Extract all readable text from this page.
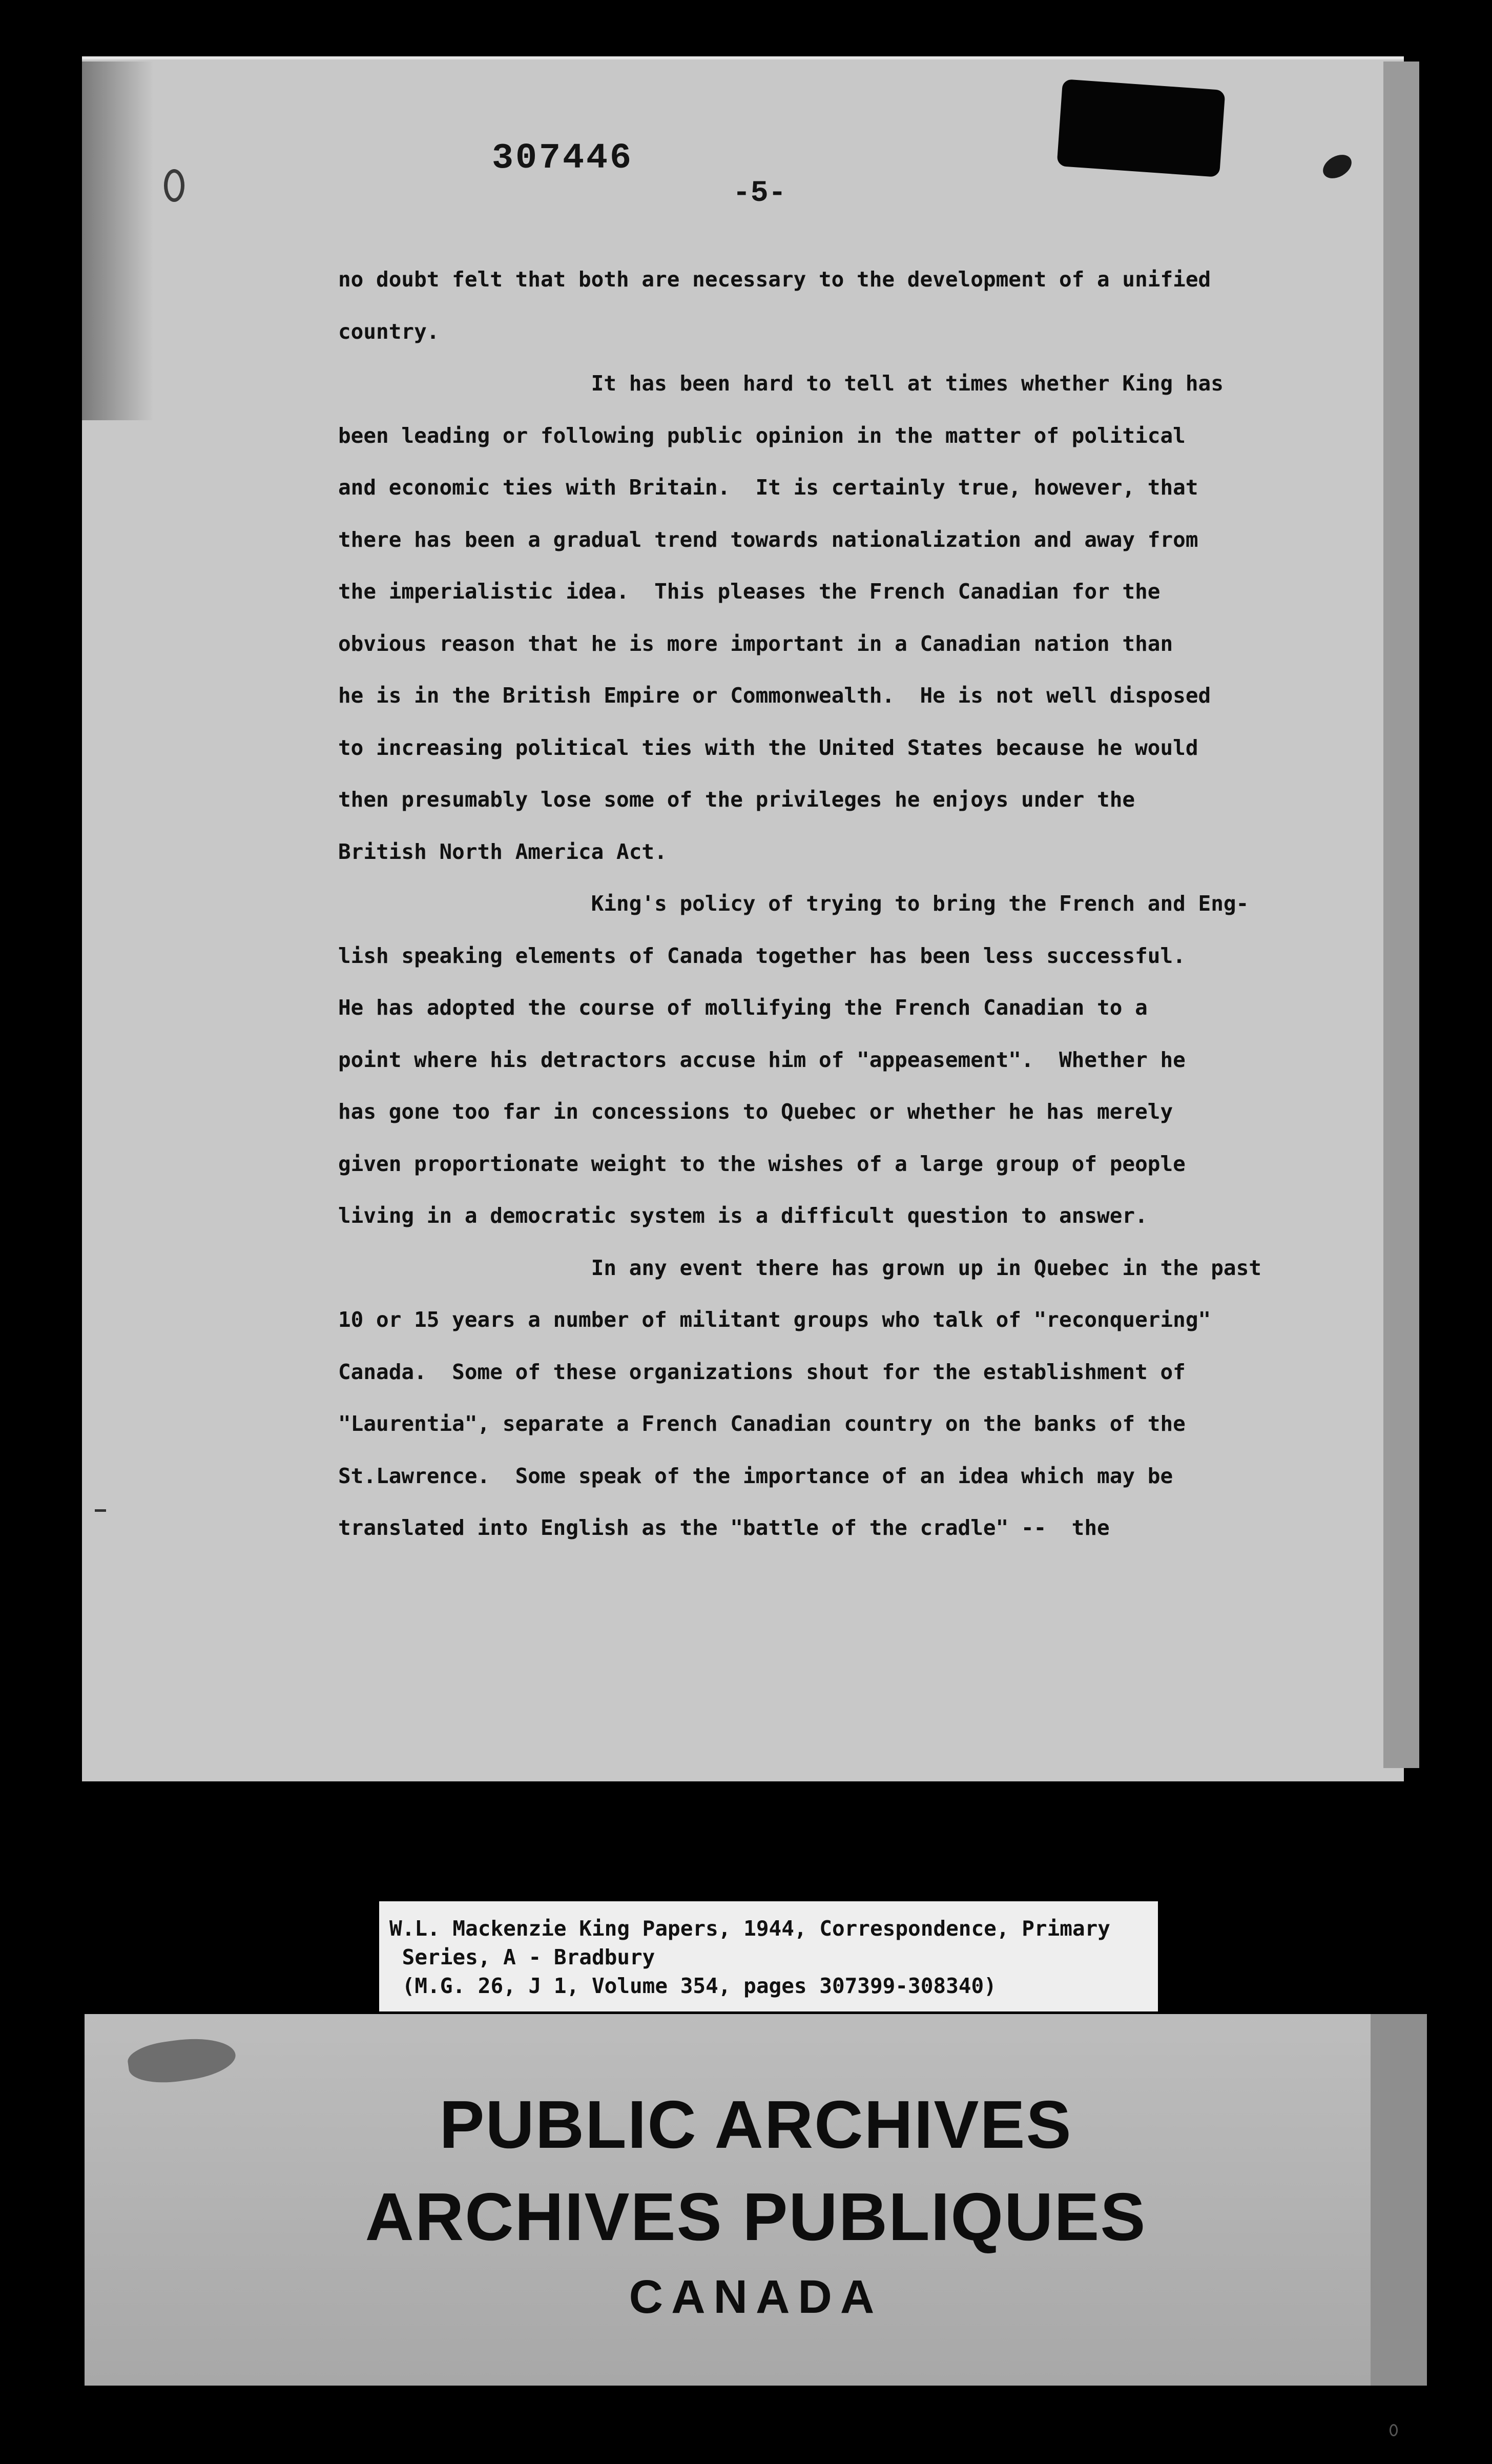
307446
-5-
no doubt felt that both are necessary to the development of a unified
country.
It has been hard to tell at times whether King has
been leading or following public opinion in the matter of political
and economic ties with Britain.  It is certainly true, however, that
there has been a gradual trend towards nationalization and away from
the imperialistic idea.  This pleases the French Canadian for the
obvious reason that he is more important in a Canadian nation than
he is in the British Empire or Commonwealth.  He is not well disposed
to increasing political ties with the United States because he would
then presumably lose some of the privileges he enjoys under the
British North America Act.
King's policy of trying to bring the French and Eng-
lish speaking elements of Canada together has been less successful.
He has adopted the course of mollifying the French Canadian to a
point where his detractors accuse him of "appeasement".  Whether he
has gone too far in concessions to Quebec or whether he has merely
given proportionate weight to the wishes of a large group of people
living in a democratic system is a difficult question to answer.
In any event there has grown up in Quebec in the past
10 or 15 years a number of militant groups who talk of "reconquering"
Canada.  Some of these organizations shout for the establishment of
"Laurentia", separate a French Canadian country on the banks of the
St.Lawrence.  Some speak of the importance of an idea which may be
translated into English as the "battle of the cradle" --  the
W.L. Mackenzie King Papers, 1944, Correspondence, Primary
Series, A - Bradbury
(M.G. 26, J 1, Volume 354, pages 307399-308340)
PUBLIC ARCHIVES
ARCHIVES PUBLIQUES
CANADA
